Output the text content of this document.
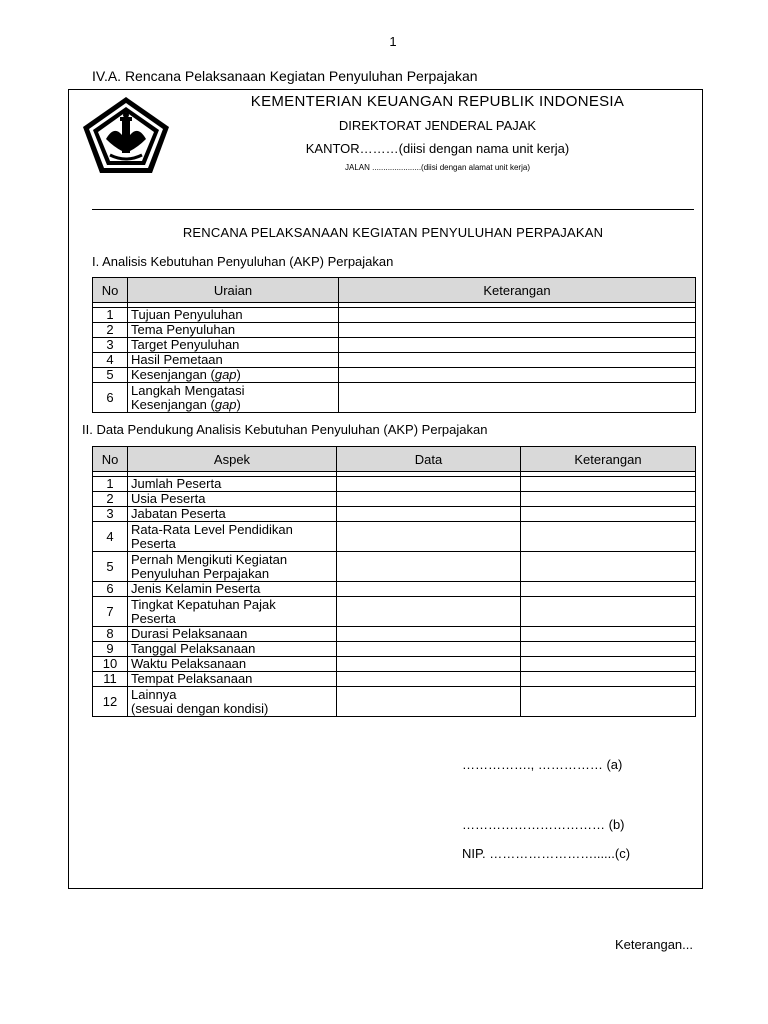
1
IV.A. Rencana Pelaksanaan Kegiatan Penyuluhan Perpajakan
KEMENTERIAN KEUANGAN REPUBLIK INDONESIA
DIREKTORAT JENDERAL PAJAK
KANTOR………(diisi dengan nama unit kerja)
JALAN ......................(diisi dengan alamat unit kerja)
RENCANA PELAKSANAAN KEGIATAN PENYULUHAN PERPAJAKAN
I. Analisis Kebutuhan Penyuluhan (AKP) Perpajakan
No	Uraian	Keterangan

1	Tujuan Penyuluhan	
2	Tema Penyuluhan	
3	Target Penyuluhan	
4	Hasil Pemetaan	
5	Kesenjangan (gap)	
6	Langkah Mengatasi
Kesenjangan (gap)	
II. Data Pendukung Analisis Kebutuhan Penyuluhan (AKP) Perpajakan
No	Aspek	Data	Keterangan

1	Jumlah Peserta		
2	Usia Peserta		
3	Jabatan Peserta		
4	Rata-Rata Level Pendidikan
Peserta		
5	Pernah Mengikuti Kegiatan
Penyuluhan Perpajakan		
6	Jenis Kelamin Peserta		
7	Tingkat Kepatuhan Pajak
Peserta		
8	Durasi Pelaksanaan		
9	Tanggal Pelaksanaan		
10	Waktu Pelaksanaan		
11	Tempat Pelaksanaan		
12	Lainnya
(sesuai dengan kondisi)		
……………., …………… (a)
…………………………… (b)
NIP. ……………………......(c)
Keterangan...
